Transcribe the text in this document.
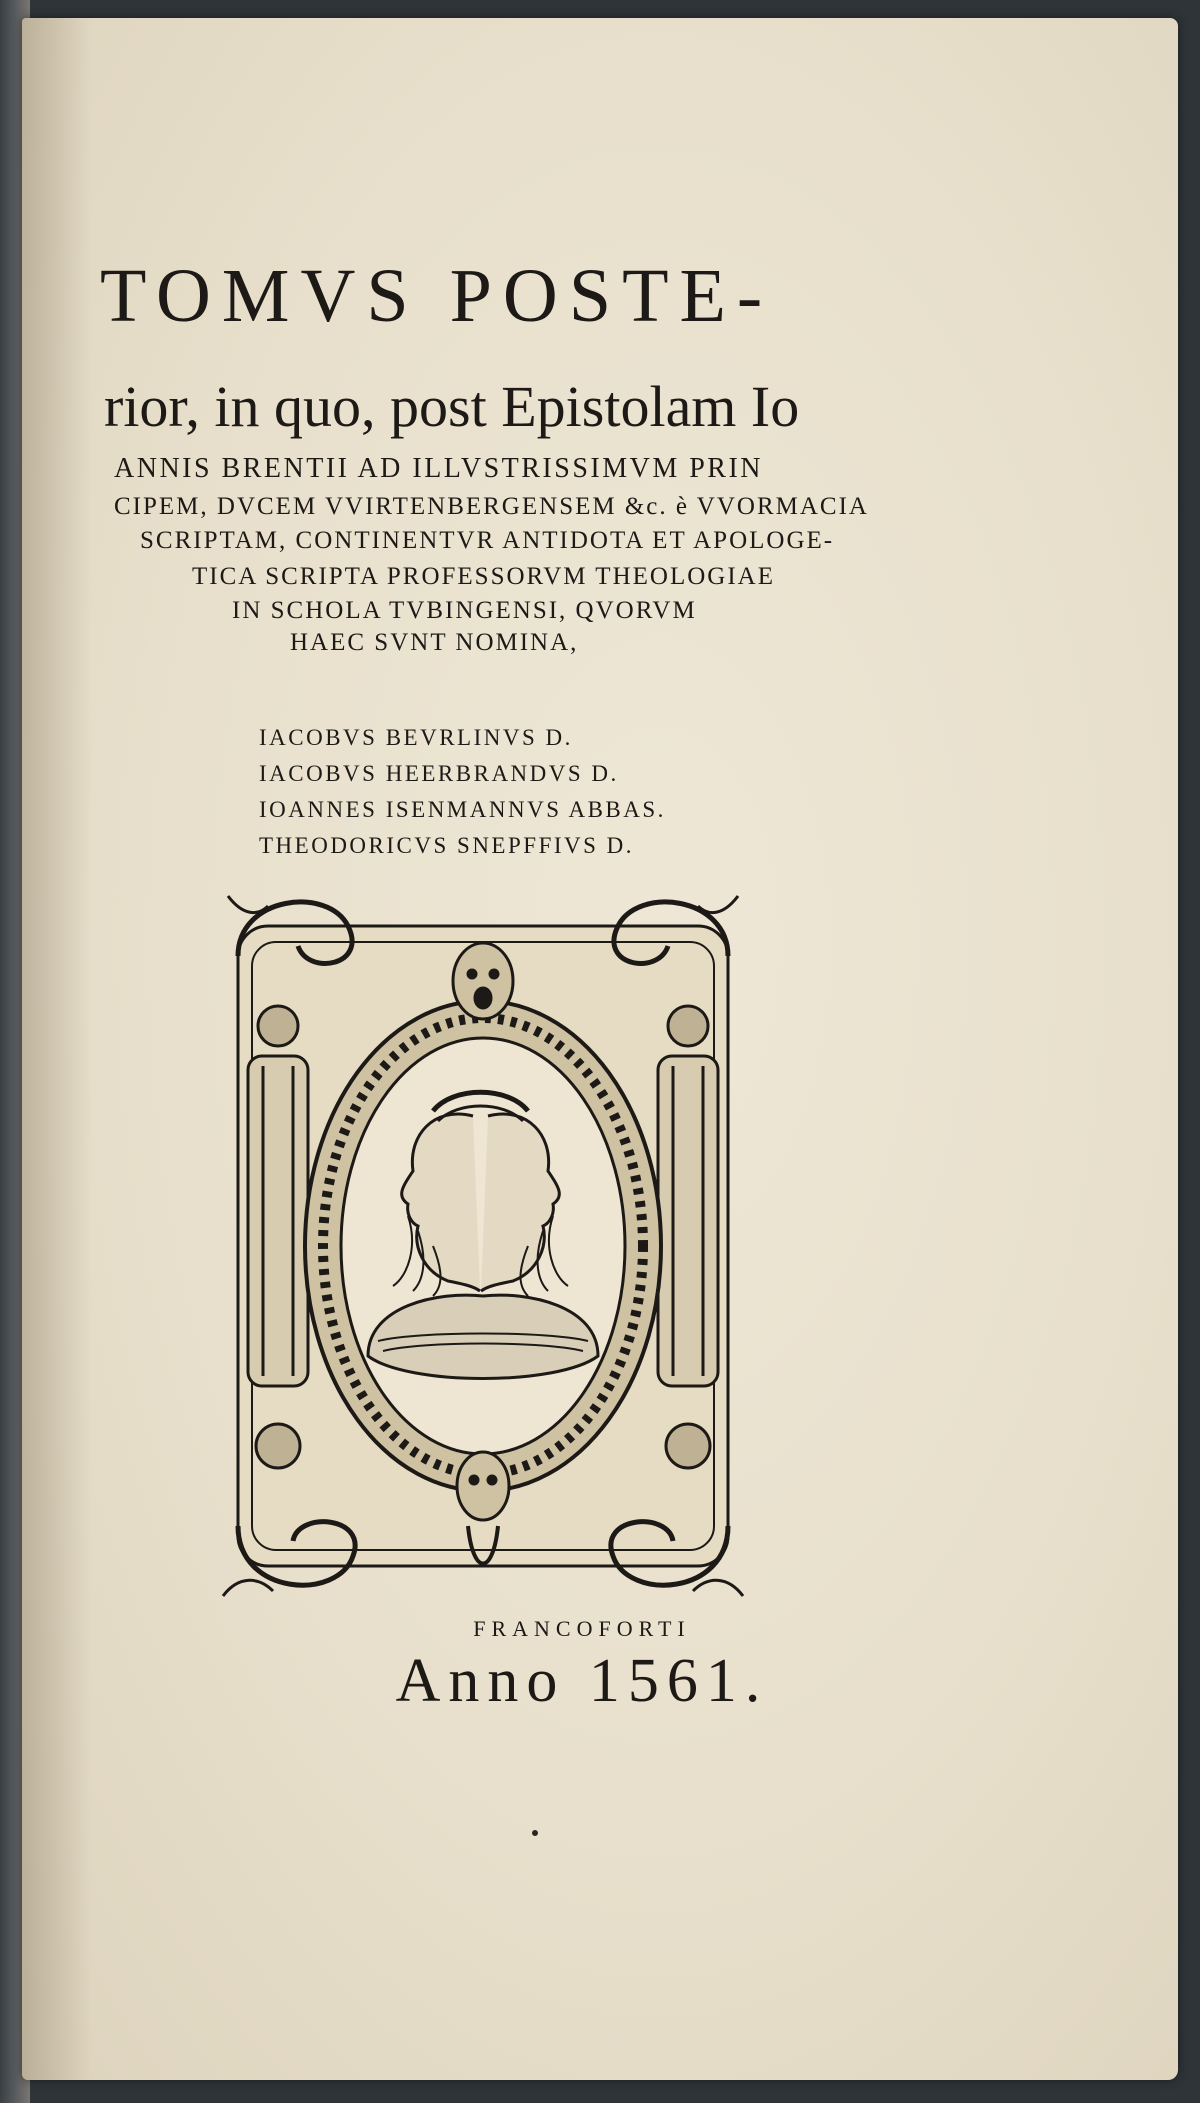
TOMVS POSTE-
rior, in quo, post Epistolam Io
ANNIS BRENTII AD ILLVSTRISSIMVM PRIN
CIPEM, DVCEM VVIRTENBERGENSEM &c. è VVORMACIA
SCRIPTAM, CONTINENTVR ANTIDOTA ET APOLOGE-
TICA SCRIPTA PROFESSORVM THEOLOGIAE
IN SCHOLA TVBINGENSI, QVORVM
HAEC SVNT NOMINA,
IACOBVS BEVRLINVS D.
IACOBVS HEERBRANDVS D.
IOANNES ISENMANNVS ABBAS.
THEODORICVS SNEPFFIVS D.
FRANCOFORTI
Anno 1561.
